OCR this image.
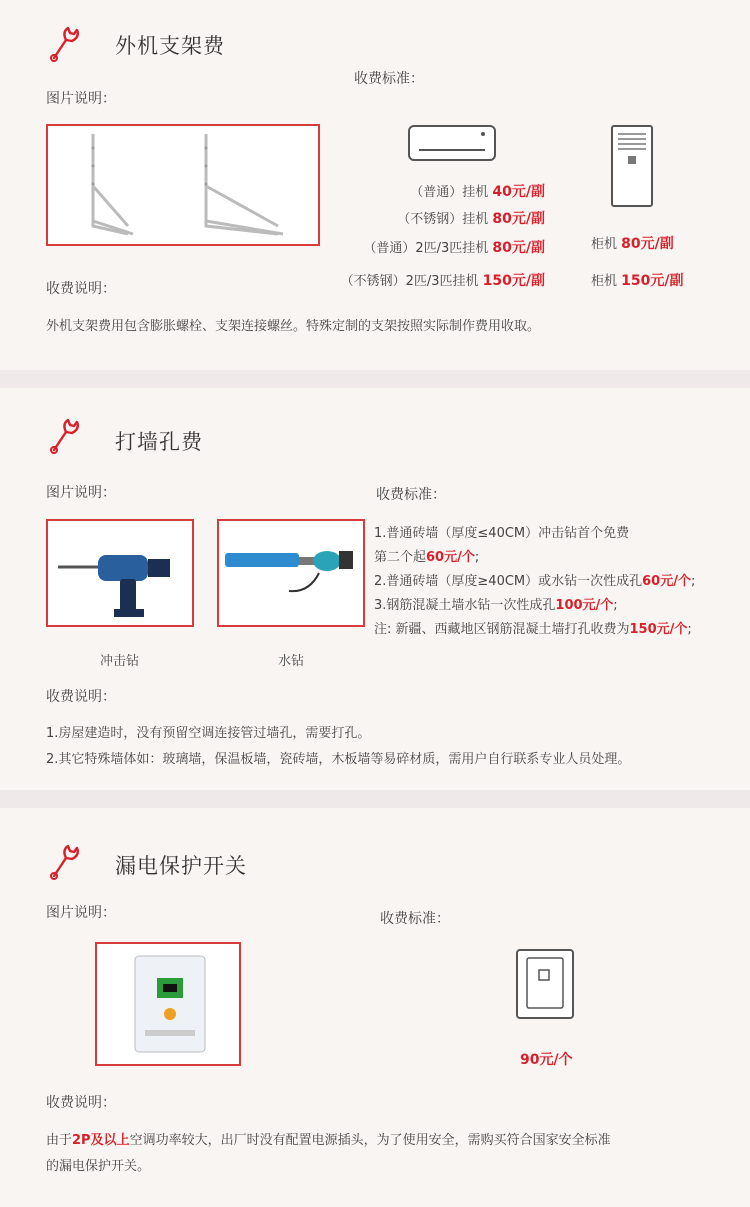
外机支架费
图片说明：
收费标准：
（普通）挂机 40元/副
（不锈钢）挂机 80元/副
（普通）2匹/3匹挂机 80元/副
（不锈钢）2匹/3匹挂机 150元/副
柜机 80元/副
柜机 150元/副
收费说明：
外机支架费用包含膨胀螺栓、支架连接螺丝。特殊定制的支架按照实际制作费用收取。
打墙孔费
图片说明：	收费标准：
冲击钻	水钻
1.普通砖墙（厚度≤40CM）冲击钻首个免费
第二个起60元/个;
2.普通砖墙（厚度≥40CM）或水钻一次性成孔60元/个;
3.钢筋混凝土墙水钻一次性成孔100元/个;
注: 新疆、西藏地区钢筋混凝土墙打孔收费为150元/个;
收费说明：
1.房屋建造时，没有预留空调连接管过墙孔，需要打孔。
2.其它特殊墙体如：玻璃墙，保温板墙，瓷砖墙，木板墙等易碎材质，需用户自行联系专业人员处理。
漏电保护开关
图片说明：	收费标准：
90元/个
收费说明：
由于2P及以上空调功率较大，出厂时没有配置电源插头，为了使用安全，需购买符合国家安全标准
的漏电保护开关。
